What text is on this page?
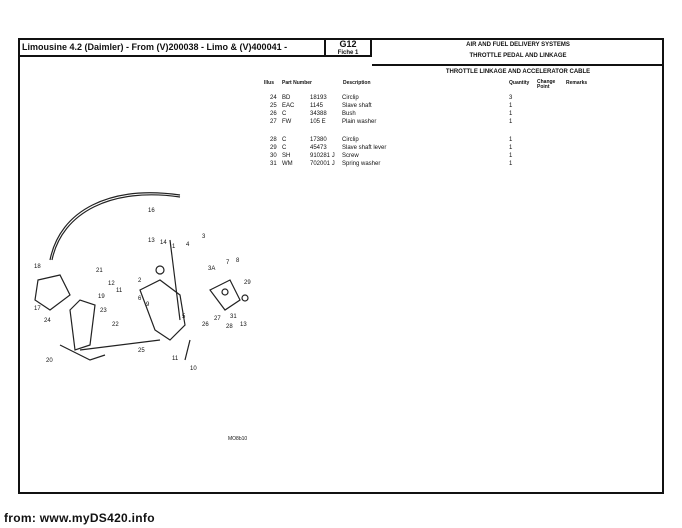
Limousine 4.2 (Daimler) - From (V)200038 - Limo & (V)400041 -	G12
Fiche 1
AIR AND FUEL DELIVERY SYSTEMS
THROTTLE PEDAL AND LINKAGE
THROTTLE LINKAGE AND ACCELERATOR CABLE
Illus Part Number	Description	Quantity Change Point
Remarks
24 BD	18193	Circlip	3
25 EAC	1145	Slave shaft	1
26 C	34388	Bush	1
27 FW	105 E	Plain washer	1
28 C	17380	Circlip	1
29 C	45473	Slave shaft lever	1
30 SH	910281 J Screw	1
31 WM	702001 J Spring washer	1
16
13 14
1
3
18
21
2
4
7 8
3A
29
17
19
12
11
6
9
24
23
22
5	27
28
31
26	13
20
25
11
10
MO8b10
from: www.myDS420.info
